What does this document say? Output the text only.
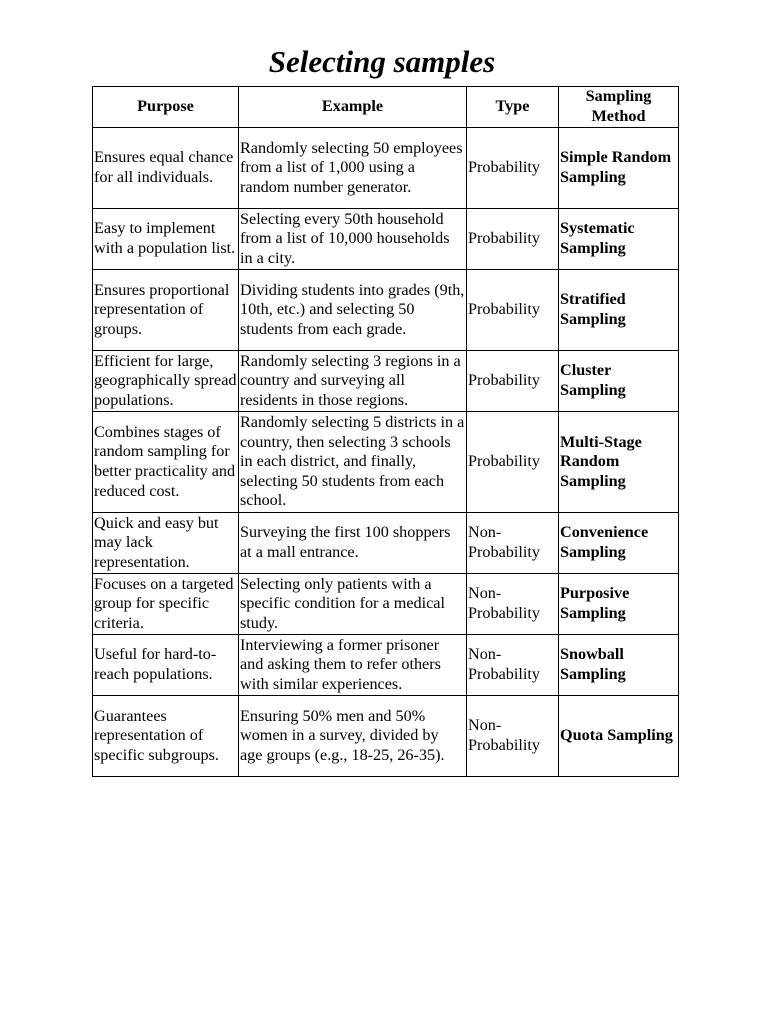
Selecting samples
Purpose	Example	Type	Sampling Method
Ensures equal chance for all individuals.	Randomly selecting 50 employees from a list of 1,000 using a random number generator.	Probability	Simple Random Sampling
Easy to implement with a population list.	Selecting every 50th household from a list of 10,000 households in a city.	Probability	Systematic Sampling
Ensures proportional representation of groups.	Dividing students into grades (9th, 10th, etc.) and selecting 50 students from each grade.	Probability	Stratified Sampling
Efficient for large, geographically spread populations.	Randomly selecting 3 regions in a country and surveying all residents in those regions.	Probability	Cluster Sampling
Combines stages of random sampling for better practicality and reduced cost.	Randomly selecting 5 districts in a country, then selecting 3 schools in each district, and finally, selecting 50 students from each school.	Probability	Multi-Stage Random Sampling
Quick and easy but may lack representation.	Surveying the first 100 shoppers at a mall entrance.	Non-Probability	Convenience Sampling
Focuses on a targeted group for specific criteria.	Selecting only patients with a specific condition for a medical study.	Non-Probability	Purposive Sampling
Useful for hard-to-reach populations.	Interviewing a former prisoner and asking them to refer others with similar experiences.	Non-Probability	Snowball Sampling
Guarantees representation of specific subgroups.	Ensuring 50% men and 50% women in a survey, divided by age groups (e.g., 18-25, 26-35).	Non-Probability	Quota Sampling
